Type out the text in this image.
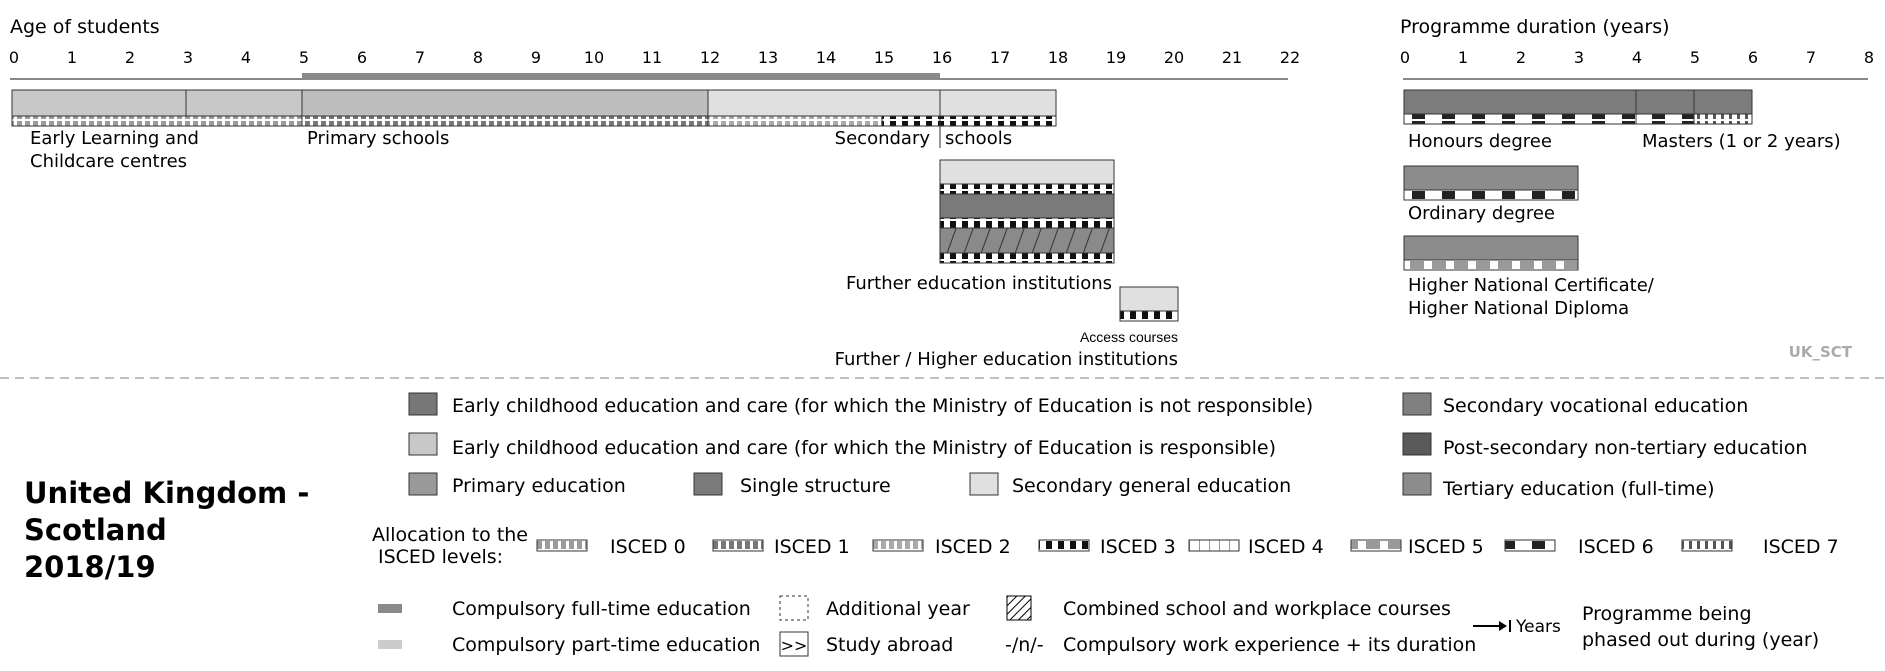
Age of students
0	1	2	3	4	5	6	7	8	9	10 11 12 13 14 15 16 17 18 19 20 21 22
Early Learning and
Childcare centres
Primary schools	Secondary schools
Further education institutions
Access courses
Further / Higher education institutions
Programme duration (years)
0	1	2	3	4	5	6	7	8
Honours degree	Masters (1 or 2 years)
Ordinary degree
Higher National Certificate/
Higher National Diploma
UK_SCT
United Kingdom -
Scotland
2018/19
Early childhood education and care (for which the Ministry of Education is not responsible)
Early childhood education and care (for which the Ministry of Education is responsible)
Primary education	Single structure	Secondary general education
Secondary vocational education
Post-secondary non-tertiary education
Tertiary education (full-time)
Allocation to the
ISCED levels:	ISCED 0	ISCED 1	ISCED 2	ISCED 3	ISCED 4	ISCED 5	ISCED 6	ISCED 7
Compulsory full-time education
Compulsory part-time education
Additional year
>> Study abroad
Combined school and workplace courses
-/n/- Compulsory work experience + its duration
Years
Programme being
phased out during (year)
